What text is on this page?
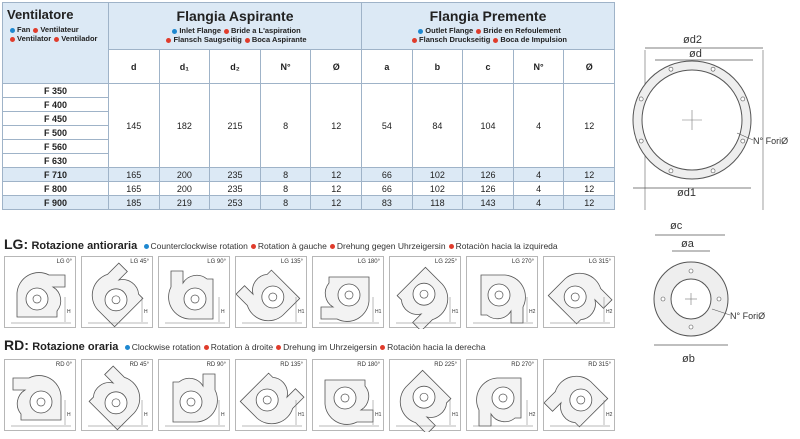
Ventilatore
Fan Ventilateur
Ventilator Ventilador	Flangia Aspirante
Inlet Flange Bride a L'aspiration
Flansch Saugseitig Boca Aspirante					Flangia Premente
Outlet Flange Bride en Refoulement
Flansch Druckseitig Boca de Impulsion				

	d	d₁	d₂	N°	Ø	a	b	c	N°	Ø
F 350	145	182	215	8	12	54	84	104	4	12
F 400										
F 450										
F 500										
F 560										
F 630										
F 710	165	200	235	8	12	66	102	126	4	12
F 800	165	200	235	8	12	66	102	126	4	12
F 900	185	219	253	8	12	83	118	143	4	12
ød2
ød
N° ForiØ
ød1
øc
øa
N° ForiØ
øb
LG: Rotazione antioraria Counterclockwise rotation Rotation à gauche Drehung gegen Uhrzeigersin Rotaciòn hacia la izquireda
H
LG 0°
H
LG 45°
H
LG 90°
H1
LG 135°
H1
LG 180°
H1
LG 225°
H2
LG 270°
H2
LG 315°
RD: Rotazione oraria Clockwise rotation Rotation à droite Drehung im Uhrzeigersin Rotaciòn hacia la derecha
H
RD 0°
H
RD 45°
H
RD 90°
H1
RD 135°
H1
RD 180°
H1
RD 225°
H2
RD 270°
H2
RD 315°
